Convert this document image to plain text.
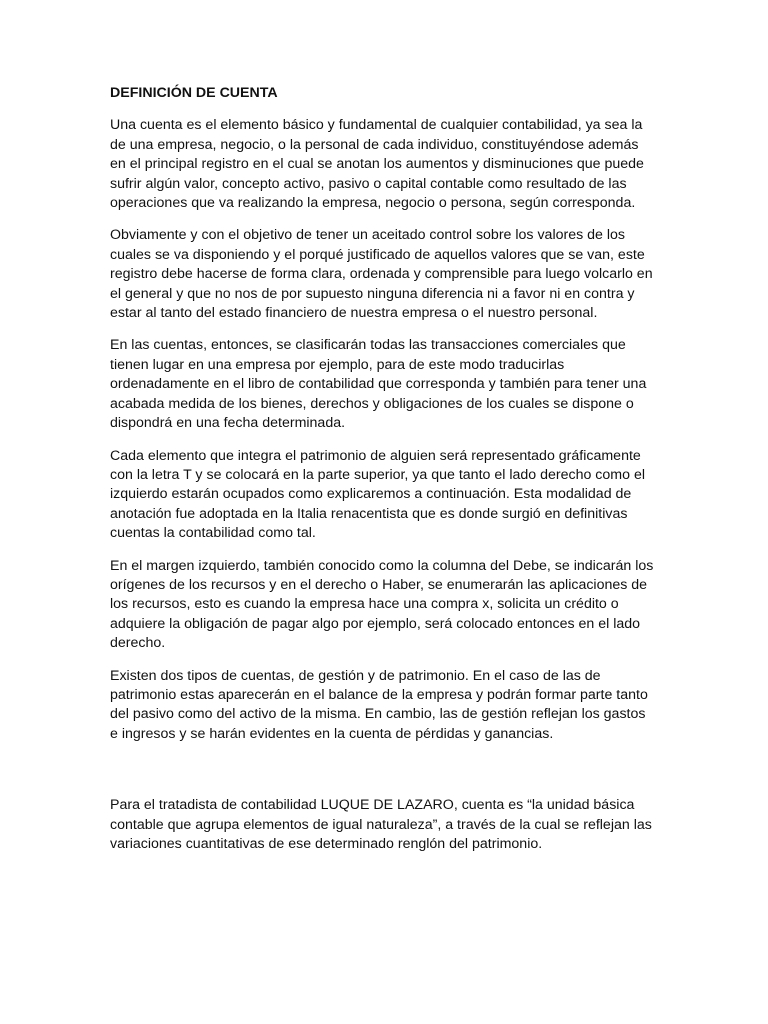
DEFINICIÓN DE CUENTA

Una cuenta es el elemento básico y fundamental de cualquier contabilidad, ya sea la de una empresa, negocio, o la personal de cada individuo, constituyéndose además en el principal registro en el cual se anotan los aumentos y disminuciones que puede sufrir algún valor, concepto activo, pasivo o capital contable como resultado de las operaciones que va realizando la empresa, negocio o persona, según corresponda.

Obviamente y con el objetivo de tener un aceitado control sobre los valores de los cuales se va disponiendo y el porqué justificado de aquellos valores que se van, este registro debe hacerse de forma clara, ordenada y comprensible para luego volcarlo en el general y que no nos de por supuesto ninguna diferencia ni a favor ni en contra y estar al tanto del estado financiero de nuestra empresa o el nuestro personal.

En las cuentas, entonces, se clasificarán todas las transacciones comerciales que tienen lugar en una empresa por ejemplo, para de este modo traducirlas ordenadamente en el libro de contabilidad que corresponda y también para tener una acabada medida de los bienes, derechos y obligaciones de los cuales se dispone o dispondrá en una fecha determinada.

Cada elemento que integra el patrimonio de alguien será representado gráficamente con la letra T y se colocará en la parte superior, ya que tanto el lado derecho como el izquierdo estarán ocupados como explicaremos a continuación. Esta modalidad de anotación fue adoptada en la Italia renacentista que es donde surgió en definitivas cuentas la contabilidad como tal.

En el margen izquierdo, también conocido como la columna del Debe, se indicarán los orígenes de los recursos y en el derecho o Haber, se enumerarán las aplicaciones de los recursos, esto es cuando la empresa hace una compra x, solicita un crédito o adquiere la obligación de pagar algo por ejemplo, será colocado entonces en el lado derecho.

Existen dos tipos de cuentas, de gestión y de patrimonio. En el caso de las de patrimonio estas aparecerán en el balance de la empresa y podrán formar parte tanto del pasivo como del activo de la misma. En cambio, las de gestión reflejan los gastos e ingresos y se harán evidentes en la cuenta de pérdidas y ganancias.

Para el tratadista de contabilidad LUQUE DE LAZARO, cuenta es “la unidad básica contable que agrupa elementos de igual naturaleza”, a través de la cual se reflejan las variaciones cuantitativas de ese determinado renglón del patrimonio.
